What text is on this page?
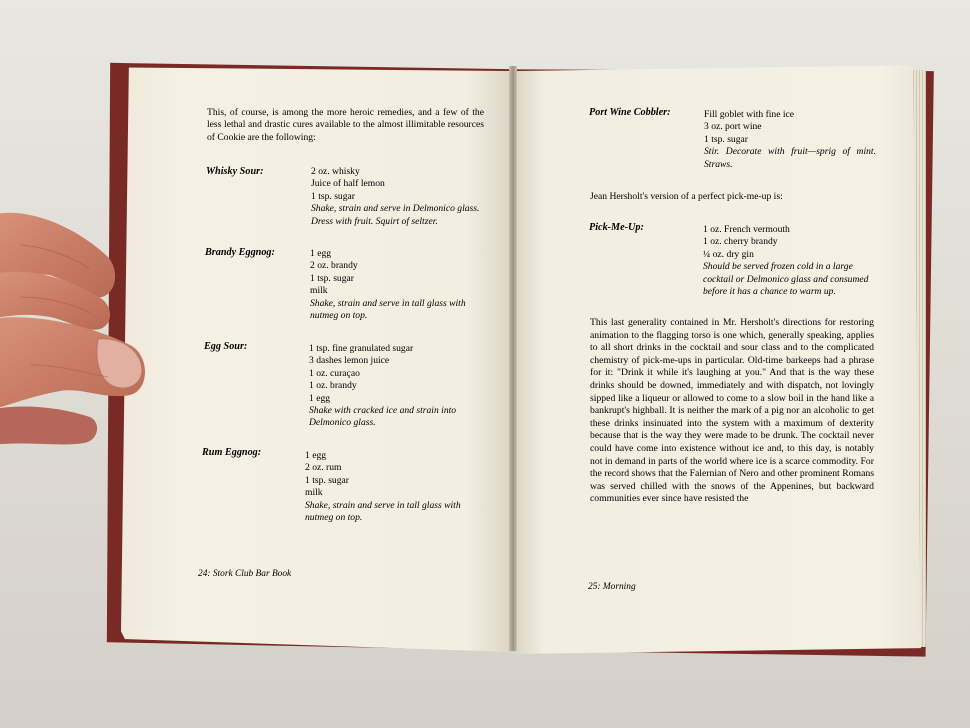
This, of course, is among the more heroic remedies, and a few of the less lethal and drastic cures available to the almost illimitable resources of Cookie are the following:
Whisky Sour:	2 oz. whisky
Juice of half lemon
1 tsp. sugar
Shake, strain and serve in Delmonico glass. Dress with fruit. Squirt of seltzer.
Brandy Eggnog:	1 egg
2 oz. brandy
1 tsp. sugar
milk
Shake, strain and serve in tall glass with nutmeg on top.
Egg Sour:	1 tsp. fine granulated sugar
3 dashes lemon juice
1 oz. curaçao
1 oz. brandy
1 egg
Shake with cracked ice and strain into Delmonico glass.
Rum Eggnog:	1 egg
2 oz. rum
1 tsp. sugar
milk
Shake, strain and serve in tall glass with nutmeg on top.
24: Stork Club Bar Book
Port Wine Cobbler:	Fill goblet with fine ice
3 oz. port wine
1 tsp. sugar
Stir. Decorate with fruit—sprig of mint. Straws.
Jean Hersholt's version of a perfect pick-me-up is:
Pick-Me-Up:	1 oz. French vermouth
1 oz. cherry brandy
¼ oz. dry gin
Should be served frozen cold in a large cocktail or Delmonico glass and consumed before it has a chance to warm up.
This last generality contained in Mr. Hersholt's directions for restoring animation to the flagging torso is one which, generally speaking, applies to all short drinks in the cocktail and sour class and to the complicated chemistry of pick-me-ups in particular. Old-time barkeeps had a phrase for it: "Drink it while it's laughing at you." And that is the way these drinks should be downed, immediately and with dispatch, not lovingly sipped like a liqueur or allowed to come to a slow boil in the hand like a bankrupt's highball. It is neither the mark of a pig nor an alcoholic to get these drinks insinuated into the system with a maximum of dexterity because that is the way they were made to be drunk. The cocktail never could have come into existence without ice and, to this day, is notably not in demand in parts of the world where ice is a scarce commodity. For the record shows that the Falernian of Nero and other prominent Romans was served chilled with the snows of the Appenines, but backward communities ever since have resisted the
25: Morning
